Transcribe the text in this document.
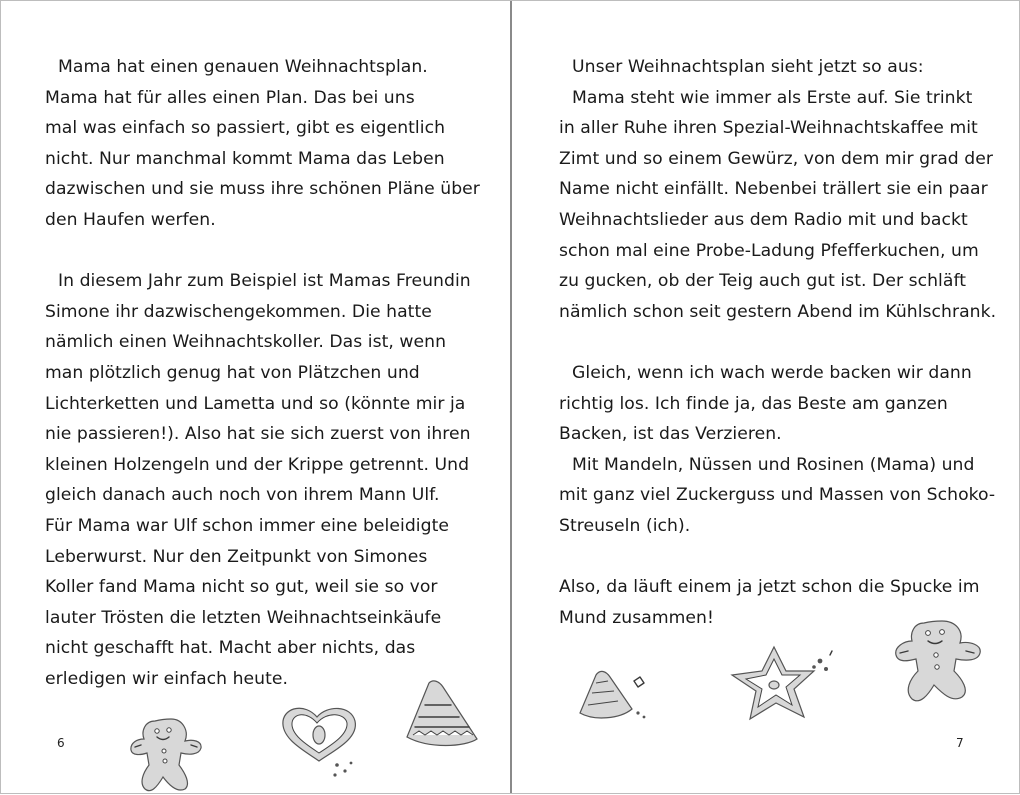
Mama hat einen genauen Weihnachtsplan.
Mama hat für alles einen Plan. Das bei uns
mal was einfach so passiert, gibt es eigentlich
nicht. Nur manchmal kommt Mama das Leben
dazwischen und sie muss ihre schönen Pläne über
den Haufen werfen.
In diesem Jahr zum Beispiel ist Mamas Freundin
Simone ihr dazwischengekommen. Die hatte
nämlich einen Weihnachtskoller. Das ist, wenn
man plötzlich genug hat von Plätzchen und
Lichterketten und Lametta und so (könnte mir ja
nie passieren!). Also hat sie sich zuerst von ihren
kleinen Holzengeln und der Krippe getrennt. Und
gleich danach auch noch von ihrem Mann Ulf.
Für Mama war Ulf schon immer eine beleidigte
Leberwurst. Nur den Zeitpunkt von Simones
Koller fand Mama nicht so gut, weil sie so vor
lauter Trösten die letzten Weihnachtseinkäufe
nicht geschafft hat. Macht aber nichts, das
erledigen wir einfach heute.
6
Unser Weihnachtsplan sieht jetzt so aus:
Mama steht wie immer als Erste auf. Sie trinkt
in aller Ruhe ihren Spezial-Weihnachtskaffee mit
Zimt und so einem Gewürz, von dem mir grad der
Name nicht einfällt. Nebenbei trällert sie ein paar
Weihnachtslieder aus dem Radio mit und backt
schon mal eine Probe-Ladung Pfefferkuchen, um
zu gucken, ob der Teig auch gut ist. Der schläft
nämlich schon seit gestern Abend im Kühlschrank.
Gleich, wenn ich wach werde backen wir dann
richtig los. Ich finde ja, das Beste am ganzen
Backen, ist das Verzieren.
Mit Mandeln, Nüssen und Rosinen (Mama) und
mit ganz viel Zuckerguss und Massen von Schoko-
Streuseln (ich).
Also, da läuft einem ja jetzt schon die Spucke im
Mund zusammen!
7
